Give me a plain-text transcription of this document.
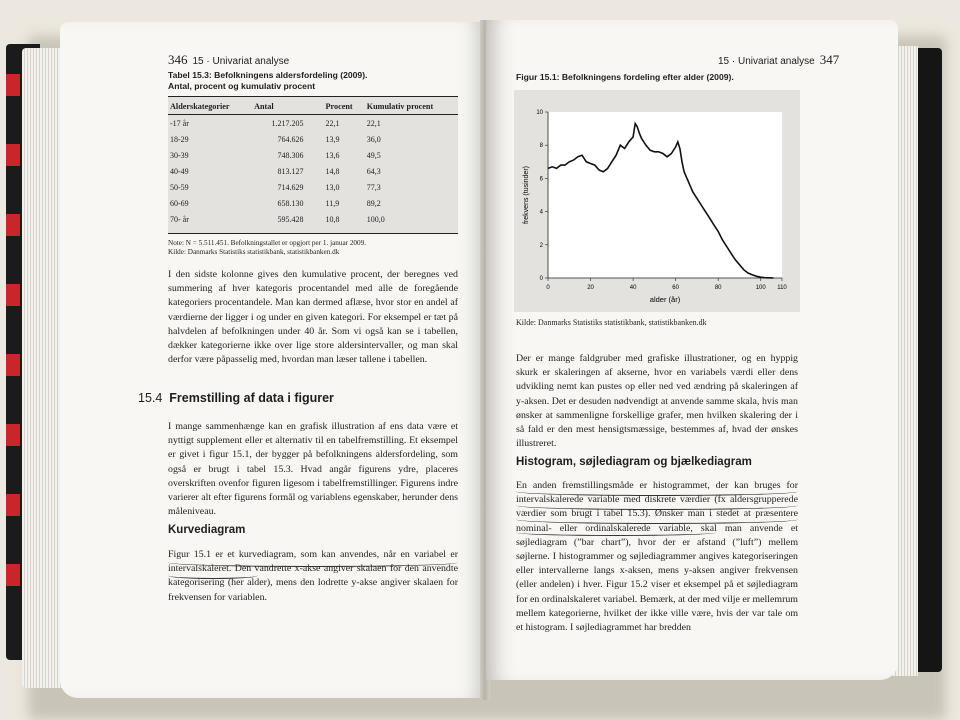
346 15 · Univariat analyse
Tabel 15.3: Befolkningens aldersfordeling (2009).
Antal, procent og kumulativ procent
Alderskategorier	Antal	Procent	Kumulativ procent
-17 år	1.217.205	22,1	22,1
18-29	764.626	13,9	36,0
30-39	748.306	13,6	49,5
40-49	813.127	14,8	64,3
50-59	714.629	13,0	77,3
60-69	658.130	11,9	89,2
70- år	595.428	10,8	100,0
Note: N = 5.511.451. Befolkningstallet er opgjort per 1. januar 2009.
Kilde: Danmarks Statistiks statistikbank, statistikbanken.dk
I den sidste kolonne gives den kumulative procent, der beregnes ved summering af hver kategoris procentandel med alle de foregående kategoriers procentandele. Man kan dermed aflæse, hvor stor en andel af værdierne der ligger i og under en given kategori. For eksempel er tæt på halvdelen af befolkningen under 40 år. Som vi også kan se i tabellen, dækker kategorierne ikke over lige store aldersintervaller, og man skal derfor være påpasselig med, hvordan man læser tallene i tabellen.
15.4 Fremstilling af data i figurer
I mange sammenhænge kan en grafisk illustration af ens data være et nyttigt supplement eller et alternativ til en tabelfremstilling. Et eksempel er givet i figur 15.1, der bygger på befolkningens aldersfordeling, som også er brugt i tabel 15.3. Hvad angår figurens ydre, placeres overskriften ovenfor figuren ligesom i tabelfremstillinger. Figurens indre varierer alt efter figurens formål og variablens egenskaber, herunder dens måleniveau.
Kurvediagram
Figur 15.1 er et kurvediagram, som kan anvendes, når en variabel er intervalskaleret. Den vandrette x-akse angiver skalaen for den anvendte kategorisering (her alder), mens den lodrette y-akse angiver skalaen for frekvensen for variablen.
15 · Univariat analyse 347
Figur 15.1: Befolkningens fordeling efter alder (2009).
0	20	40	60	80	100 110
0
2
4
6
8
10
alder (år)
frekvens (tusinder)
Kilde: Danmarks Statistiks statistikbank, statistikbanken.dk
Der er mange faldgruber med grafiske illustrationer, og en hyppig skurk er skaleringen af akserne, hvor en variabels værdi eller dens udvikling nemt kan pustes op eller ned ved ændring på skaleringen af y-aksen. Det er desuden nødvendigt at anvende samme skala, hvis man ønsker at sammenligne forskellige grafer, men hvilken skalering der i så fald er den mest hensigtsmæssige, bestemmes af, hvad der ønskes illustreret.
Histogram, søjlediagram og bjælkediagram
En anden fremstillingsmåde er histogrammet, der kan bruges for intervalskalerede variable med diskrete værdier (fx aldersgrupperede værdier som brugt i tabel 15.3). Ønsker man i stedet at præsentere nominal- eller ordinalskalerede variable, skal man anvende et søjlediagram (”bar chart”), hvor der er afstand (”luft”) mellem søjlerne. I histogrammer og søjlediagrammer angives kategoriseringen eller intervallerne langs x-aksen, mens y-aksen angiver frekvensen (eller andelen) i hver. Figur 15.2 viser et eksempel på et søjlediagram for en ordinalskaleret variabel. Bemærk, at der med vilje er mellemrum mellem kategorierne, hvilket der ikke ville være, hvis der var tale om et histogram. I søjlediagrammet har bredden
